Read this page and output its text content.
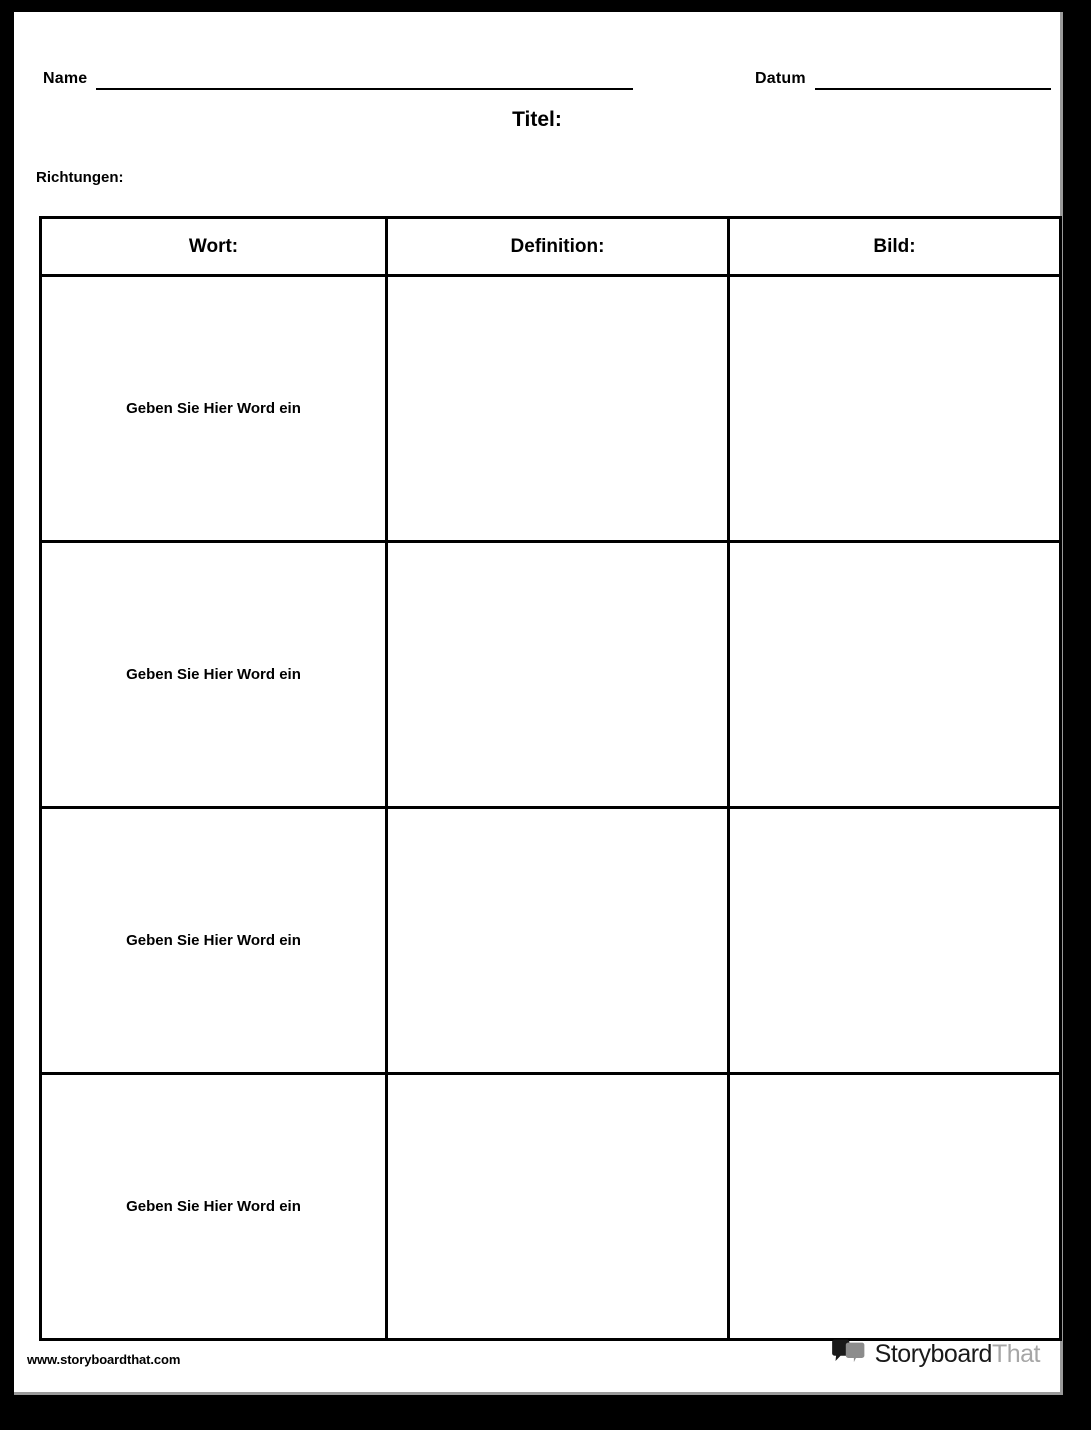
Name	Datum
Titel:
Richtungen:
Wort:	Definition:	Bild:
Geben Sie Hier Word ein		
Geben Sie Hier Word ein		
Geben Sie Hier Word ein		
Geben Sie Hier Word ein		
www.storyboardthat.com	StoryboardThat
